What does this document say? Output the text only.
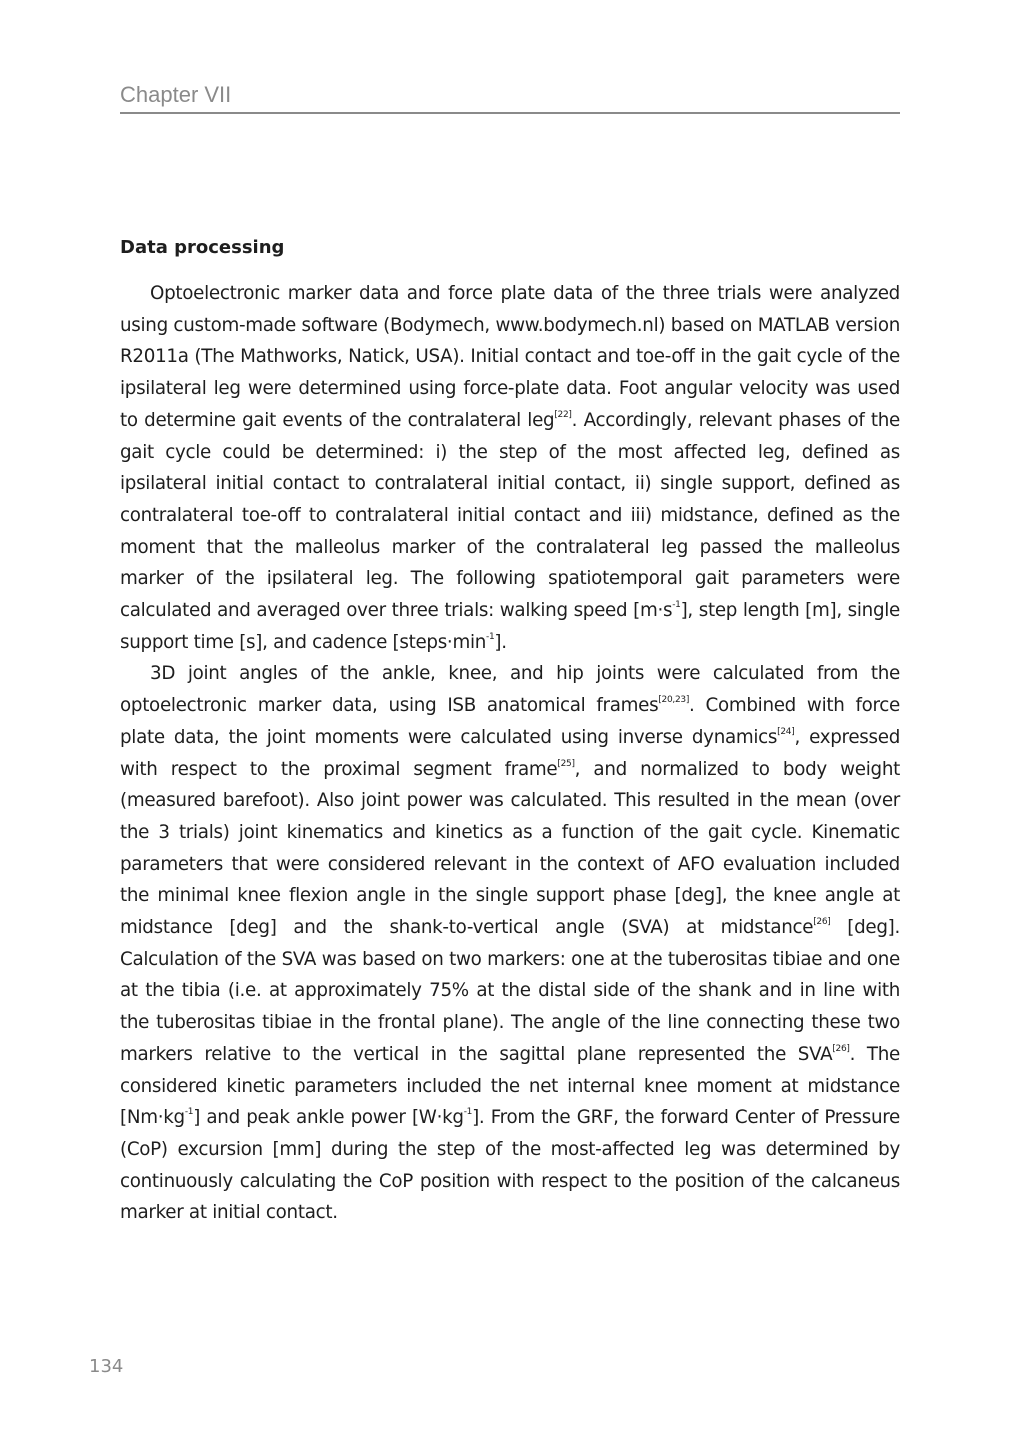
Chapter VII
Data processing

Optoelectronic marker data and force plate data of the three trials were analyzed using custom-made software (Bodymech, www.bodymech.nl) based on MATLAB version R2011a (The Mathworks, Natick, USA). Initial contact and toe-off in the gait cycle of the ipsilateral leg were determined using force-plate data. Foot angular velocity was used to determine gait events of the contralateral leg[22]. Accordingly, relevant phases of the gait cycle could be determined: i) the step of the most affected leg, defined as ipsilateral initial contact to contralateral initial contact, ii) single support, defined as contralateral toe-off to contralateral initial contact and iii) midstance, defined as the moment that the malleolus marker of the contralateral leg passed the malleolus marker of the ipsilateral leg. The following spatiotemporal gait parameters were calculated and averaged over three trials: walking speed $[m\cdot s^{-1}]$, step length [m], single support time [s], and cadence $[steps\cdot\min^{-1}]$.

3D joint angles of the ankle, knee, and hip joints were calculated from the optoelectronic marker data, using ISB anatomical frames[20,23]. Combined with force plate data, the joint moments were calculated using inverse dynamics[24], expressed with respect to the proximal segment frame[25], and normalized to body weight (measured barefoot). Also joint power was calculated. This resulted in the mean (over the 3 trials) joint kinematics and kinetics as a function of the gait cycle. Kinematic parameters that were considered relevant in the context of AFO evaluation included the minimal knee flexion angle in the single support phase [deg], the knee angle at midstance [deg] and the shank-to-vertical angle (SVA) at midstance[26] [deg]. Calculation of the SVA was based on two markers: one at the tuberositas tibiae and one at the tibia (i.e. at approximately 75% at the distal side of the shank and in line with the tuberositas tibiae in the frontal plane). The angle of the line connecting these two markers relative to the vertical in the sagittal plane represented the SVA[26]. The considered kinetic parameters included the net internal knee moment at midstance $[Nm\cdot kg^{-1}]$ and peak ankle power $[W\cdot kg^{-1}]$. From the GRF, the forward Center of Pressure (CoP) excursion [mm] during the step of the most-affected leg was determined by continuously calculating the CoP position with respect to the position of the calcaneus marker at initial contact.

134
